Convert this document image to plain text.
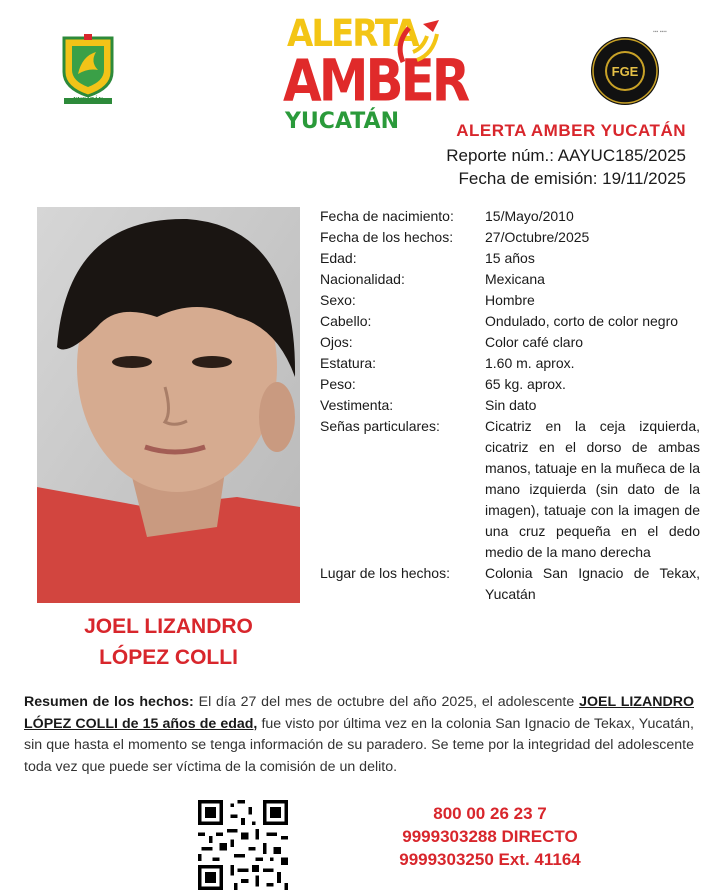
YUCATÁN
ALERTA
AMBER
YUCATÁN
▪▪▪ ▪▪▪▪
FGE
ALERTA AMBER YUCATÁN
Reporte núm.: AAYUC185/2025
Fecha de emisión: 19/11/2025
JOEL LIZANDRO
LÓPEZ COLLI
Fecha de nacimiento:	15/Mayo/2010
Fecha de los hechos:	27/Octubre/2025
Edad:	15 años
Nacionalidad:	Mexicana
Sexo:	Hombre
Cabello:	Ondulado, corto de color negro
Ojos:	Color café claro
Estatura:	1.60 m. aprox.
Peso:	65 kg. aprox.
Vestimenta:	Sin dato
Señas particulares:	Cicatriz en la ceja izquierda, cicatriz en el dorso de ambas manos, tatuaje en la muñeca de la mano izquierda (sin dato de la imagen), tatuaje con la imagen de una cruz pequeña en el dedo medio de la mano derecha
Lugar de los hechos:	Colonia San Ignacio de Tekax, Yucatán
Resumen de los hechos: El día 27 del mes de octubre del año 2025, el adolescente JOEL LIZANDRO LÓPEZ COLLI de 15 años de edad, fue visto por última vez en la colonia San Ignacio de Tekax, Yucatán, sin que hasta el momento se tenga información de su paradero. Se teme por la integridad del adolescente toda vez que puede ser víctima de la comisión de un delito.
800 00 26 23 7
9999303288 DIRECTO
9999303250 Ext. 41164
